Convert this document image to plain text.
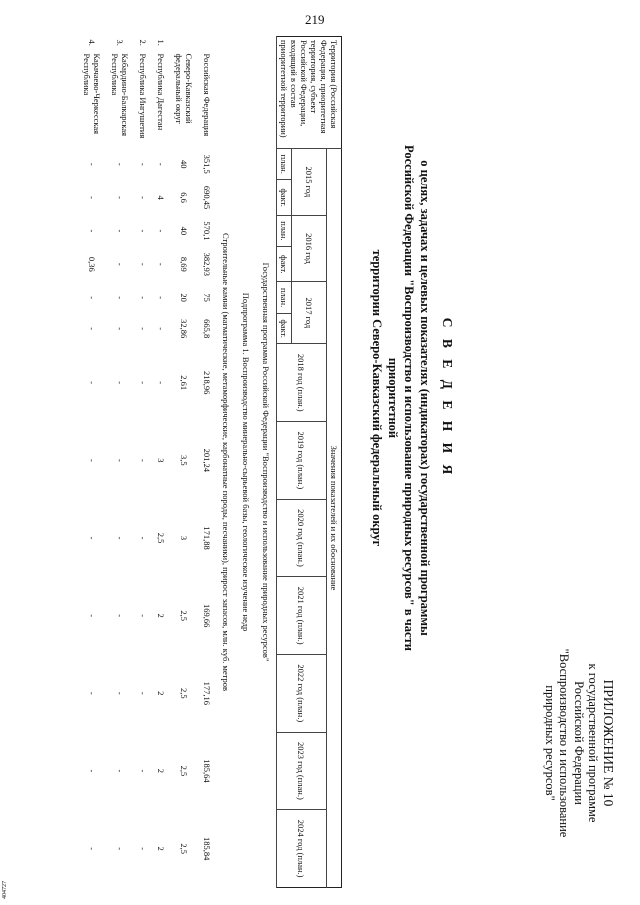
219
404727
ПРИЛОЖЕНИЕ № 10
к государственной программе
Российской Федерации
"Воспроизводство и использование
природных ресурсов"
С В Е Д Е Н И Я
о целях, задачах и целевых показателях (индикаторах) государственной программы
Российской Федерации "Воспроизводство и использование природных ресурсов" в части приоритетной
территории Северо-Кавказский федеральный округ
Территория (Российская Федерация, приоритетная территория, субъект Российской Федерации, входящий в состав приоритетной территории)		Значения показателей и их обоснование												
		2015 год		2016 год		2017 год		2018 год (план.)	2019 год (план.)	2020 год (план.)	2021 год (план.)	2022 год (план.)	2023 год (план.)	2024 год (план.)
		план.	факт.	план.	факт.	план.	факт.							
Государственная программа Российской Федерации "Воспроизводство и использование природных ресурсов"														
Подпрограмма 1. Воспроизводство минерально-сырьевой базы, геологическое изучение недр														
Строительные камни (магматические, метаморфические, карбонатные породы, песчаники), прирост запасов, млн. куб. метров														
	Российская Федерация	351,5	690,45	570,1	382,93	75	665,8	218,96	201,24	171,88	169,66	177,16	185,64	185,84
	Северо-Кавказский федеральный округ	40	6,6	40	8,69	20	32,86	2,61	3,5	3	2,5	2,5	2,5	2,5
1.	Республика Дагестан	-	4	-	-	-	-	-	3	2,5	2	2	2	2
2.	Республика Ингушетия	-	-	-	-	-	-	-	-	-	-	-	-	-
3.	Кабардино-Балкарская Республика	-	-	-	-	-	-	-	-	-	-	-	-	-
4.	Карачаево-Черкесская Республика	-	-	-	0,36	-	-	-	-	-	-	-	-	-
